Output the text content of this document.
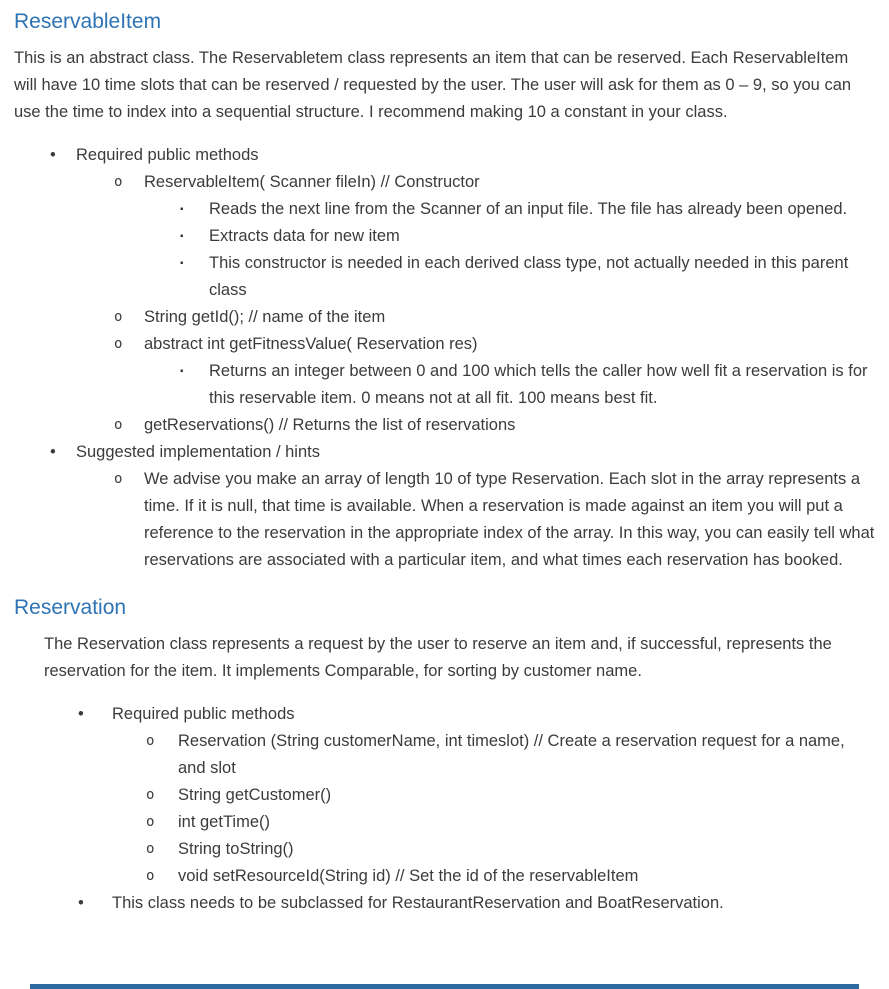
ReservableItem

This is an abstract class. The Reservabletem class represents an item that can be reserved. Each ReservableItem will have 10 time slots that can be reserved / requested by the user. The user will ask for them as 0 – 9, so you can use the time to index into a sequential structure. I recommend making 10 a constant in your class.

•	Required public methods
o	ReservableItem( Scanner fileIn) // Constructor
▪	Reads the next line from the Scanner of an input file. The file has already been opened.
▪	Extracts data for new item
▪	This constructor is needed in each derived class type, not actually needed in this parent class
o	String getId(); // name of the item
o	abstract int getFitnessValue( Reservation res)
▪	Returns an integer between 0 and 100 which tells the caller how well fit a reservation is for this reservable item. 0 means not at all fit. 100 means best fit.
o	getReservations() // Returns the list of reservations
•	Suggested implementation / hints
o	We advise you make an array of length 10 of type Reservation. Each slot in the array represents a time. If it is null, that time is available. When a reservation is made against an item you will put a reference to the reservation in the appropriate index of the array. In this way, you can easily tell what reservations are associated with a particular item, and what times each reservation has booked.
Reservation

The Reservation class represents a request by the user to reserve an item and, if successful, represents the reservation for the item. It implements Comparable, for sorting by customer name.

•	Required public methods
o	Reservation (String customerName, int timeslot) // Create a reservation request for a name, and slot
o	String getCustomer()
o	int getTime()
o	String toString()
o	void setResourceId(String id) // Set the id of the reservableItem
•	This class needs to be subclassed for RestaurantReservation and BoatReservation.
